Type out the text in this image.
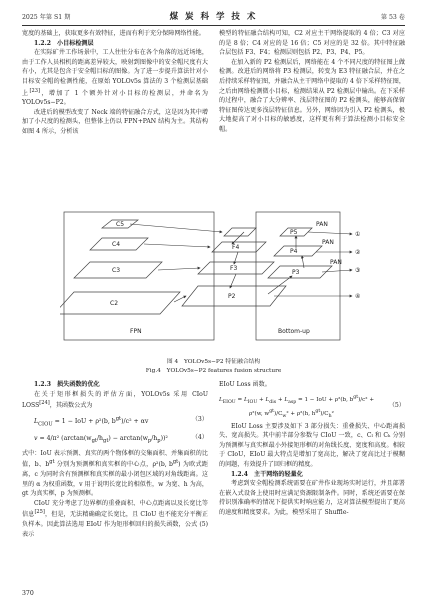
2025 年第 S1 期	煤 炭 科 学 技 术	第 53 卷

宽度的基础上，获取更多有效特征，进而有利于充分保障网络性能。

1.2.2　小目标检测层

在实际矿井工作场景中，工人往往分布在各个角落的远近场地，由于工作人员相机的距离差异较大，映射到图像中的安全帽尺度有大有小，尤其是包含于安全帽目标的图像。为了进一步提升算法针对小目标安全帽的检测性能，在原始 YOLOv5s 算法的 3 个检测层基础上[23]，增加了 1 个额外针对小目标的检测层，并命名为 YOLOv5s−P2。

改进后的模型改变了 Neck 端的特征融合方式，这是因为其中增加了小尺度的检测头，但整体上仍以 FPN+PAN 结构为主。其结构如图 4 所示，分析该

模型的特征融合结构可知，C2 对应主干网络提取的 4 倍；C3 对应的是 8 倍；C4 对应的是 16 倍；C5 对应的是 32 倍。其中特征融合层包括 F3、F4；检测层则包括 P2、P3、P4、P5。

在加入新的 P2 检测层后，网络能在 4 个不同尺度的特征图上做检测。改进后的网络将 P3 检测层，转变为 E3 特征融合层，并在之后持续采样特征图，并融合从主干网络中提取的 4 倍下采样特征图，之后由网络检测微小目标，检测结果从 P2 检测层中输出。在下采样的过程中，融合了大分辨率、浅层特征图的 P2 检测头，能够高保留特征图传达更多浅层特征信息。另外，网络因为引入 P2 检测头，极大地提高了对小目标的敏感度，这样更有利于算法检测小目标安全帽。

C5
C4
C3
C2
F4
F3
P2
P3
P4
P5
FPN	Bottom-up
①
②
③
④
PAN
PAN
PAN
图 4　YOLOv5s−P2 特征融合结构
Fig.4　YOLOv5s−P2 features fusion structure

1.2.3　损失函数的优化

在关于矩形框损失的评估方面，YOLOv5s 采用 CIoU LOSS[24]，其函数公式为

$L_{CIOU} = 1$ − IoU + ρ²(b, $b^{gt})/c^2 + \alpha v$	（3）
v = 4/π² $(\arctan(w_{gt}/h_{gt}) - \arctan(w_p/h_p))^2$	（4）

式中：IoU 表示预测、真实的两个物体框的交集面积、并集面积的比值，b、$b^{gt}$ 分别为预测框和真实框的中心点，ρ²(b, $b^{gt}$) 为欧式距离，c 为同时含有预测框和真实框的最小闭包区域的对角线距离。这里的 α 为权重函数，v 用于说明长宽比的相似性，w 为宽、h 为高，gt 为真实框，p 为预测框。

CIoU 充分考虑了边界框的重叠面积、中心点距离以及长宽比等信息[25]，但是，无法精确确定长宽比，且 CIoU 也不能充分平衡正负样本。因此算法选用 EIoU 作为矩形框回归的损失函数，公式 (5) 表示

EIoU Loss 函数。

$L_{EIOU} = L_{IOU} + L_{dis} + L_{asp} = 1$ − IoU + ρ²(b, $b^{gt})/c^2$ +
ρ²(w, $w^{gt})/C_w^2 + \rho^2(h$, $h^{gt})/C_h^2$
（5）

EIoU Loss 主要涉及如下 3 部分损失：重叠损失、中心距离损失、宽高损失。其中前半部分参数与 CIoU 一致，c、Cₗ 和 Cₕ 分别为预测框与真实框最小外接矩形框的对角线长度、宽度和高度。相较于 CIoU，EIoU 最大特点是增加了宽高比，解决了宽高比过于模糊的问题，有效提升了回归框的精度。

1.2.4　主干网络的轻量化

考虑到安全帽检测系统需要在矿井作业现场实时运行，并且部署在嵌入式设备上使用时应满足资源限制条件。同时，系统还需要在保持识别准确率的情况下提供实时响应能力，这对算法模型提出了更高的速度和精度要求。为此，模型采用了 Shuffle-

370
